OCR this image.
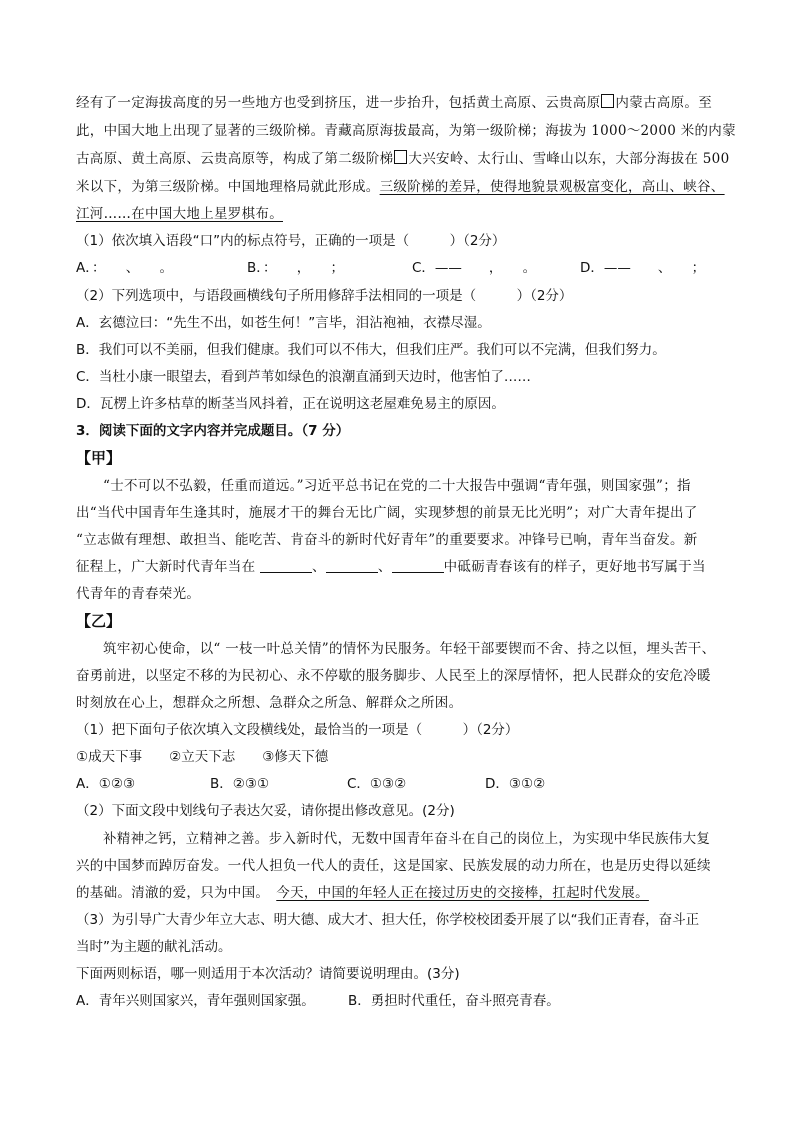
经有了一定海拔高度的另一些地方也受到挤压，进一步抬升，包括黄土高原、云贵高原 内蒙古高原。至
此，中国大地上出现了显著的三级阶梯。青藏高原海拔最高，为第一级阶梯；海拔为 1000～2000 米的内蒙
古高原、黄土高原、云贵高原等，构成了第二级阶梯 大兴安岭、太行山、雪峰山以东，大部分海拔在 500
米以下，为第三级阶梯。中国地理格局就此形成。三级阶梯的差异，使得地貌景观极富变化，高山、峡谷、
江河……在中国大地上星罗棋布。
（1）依次填入语段“口”内的标点符号，正确的一项是（　　　）（2分）
A．：　　、　　。	B．：　　，　　；	C．——　　，　　。	D．——　　、　　；
（2）下列选项中，与语段画横线句子所用修辞手法相同的一项是（　　　）（2分）
A．玄德泣曰：“先生不出，如苍生何！”言毕，泪沾袍袖，衣襟尽湿。
B．我们可以不美丽，但我们健康。我们可以不伟大，但我们庄严。我们可以不完满，但我们努力。
C．当杜小康一眼望去，看到芦苇如绿色的浪潮直涌到天边时，他害怕了……
D．瓦楞上许多枯草的断茎当风抖着，正在说明这老屋难免易主的原因。
3．阅读下面的文字内容并完成题目。（7 分）
【甲】
“士不可以不弘毅，任重而道远。”习近平总书记在党的二十大报告中强调“青年强，则国家强”；指
出“当代中国青年生逢其时，施展才干的舞台无比广阔，实现梦想的前景无比光明”；对广大青年提出了
“立志做有理想、敢担当、能吃苦、肯奋斗的新时代好青年”的重要要求。冲锋号已响，青年当奋发。新
征程上，广大新时代青年当在	、	、	中砥砺青春该有的样子，更好地书写属于当
代青年的青春荣光。
【乙】
筑牢初心使命，以“ 一枝一叶总关情”的情怀为民服务。年轻干部要锲而不舍、持之以恒，埋头苦干、
奋勇前进，以坚定不移的为民初心、永不停歇的服务脚步、人民至上的深厚情怀，把人民群众的安危冷暖
时刻放在心上，想群众之所想、急群众之所急、解群众之所困。
（1）把下面句子依次填入文段横线处，最恰当的一项是（　　　）（2分）
①成天下事　　②立天下志　　③修天下德
A．①②③	B．②③①	C．①③②	D．③①②
（2）下面文段中划线句子表达欠妥，请你提出修改意见。(2分)
补精神之钙，立精神之善。步入新时代，无数中国青年奋斗在自己的岗位上，为实现中华民族伟大复
兴的中国梦而踔厉奋发。一代人担负一代人的责任，这是国家、民族发展的动力所在，也是历史得以延续
的基础。清澈的爱，只为中国。　 今天，中国的年轻人正在接过历史的交接棒，扛起时代发展。
（3）为引导广大青少年立大志、明大德、成大才、担大任，你学校校团委开展了以“我们正青春，奋斗正
当时”为主题的献礼活动。
下面两则标语，哪一则适用于本次活动？请简要说明理由。(3分)
A．青年兴则国家兴，青年强则国家强。 B．勇担时代重任，奋斗照亮青春。
